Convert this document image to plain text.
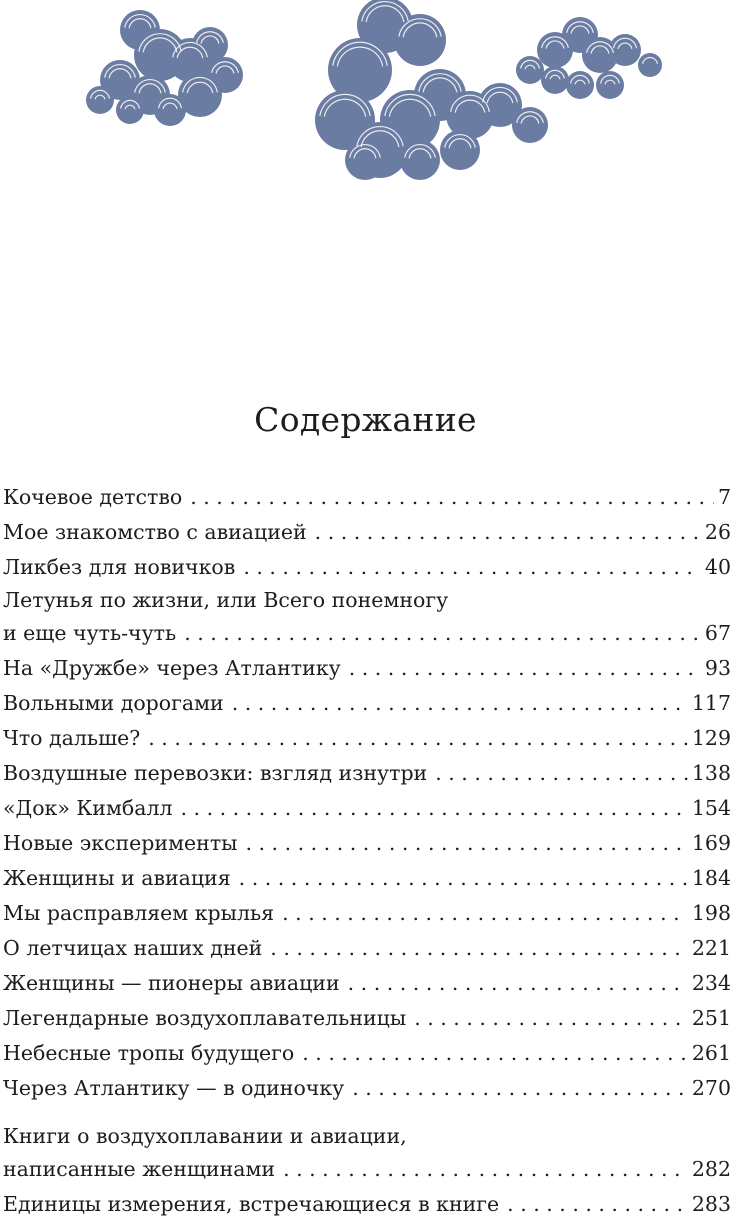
Содержание
Кочевое детство . . .	7
Мое знакомство с авиацией . . .	26
Ликбез для новичков . . .	40
Летунья по жизни, или Всего понемногу
и еще чуть-чуть . . .	67
На «Дружбе» через Атлантику . . .	93
Вольными дорогами . . .	117
Что дальше? . . .	129
Воздушные перевозки: взгляд изнутри . . .	138
«Док» Кимбалл . . .	154
Новые эксперименты . . .	169
Женщины и авиация . . .	184
Мы расправляем крылья . . .	198
О летчицах наших дней . . .	221
Женщины — пионеры авиации . . .	234
Легендарные воздухоплавательницы . . .	251
Небесные тропы будущего . . .	261
Через Атлантику — в одиночку . . .	270
Книги о воздухоплавании и авиации,
написанные женщинами . . .	282
Единицы измерения, встречающиеся в книге . . .	283
